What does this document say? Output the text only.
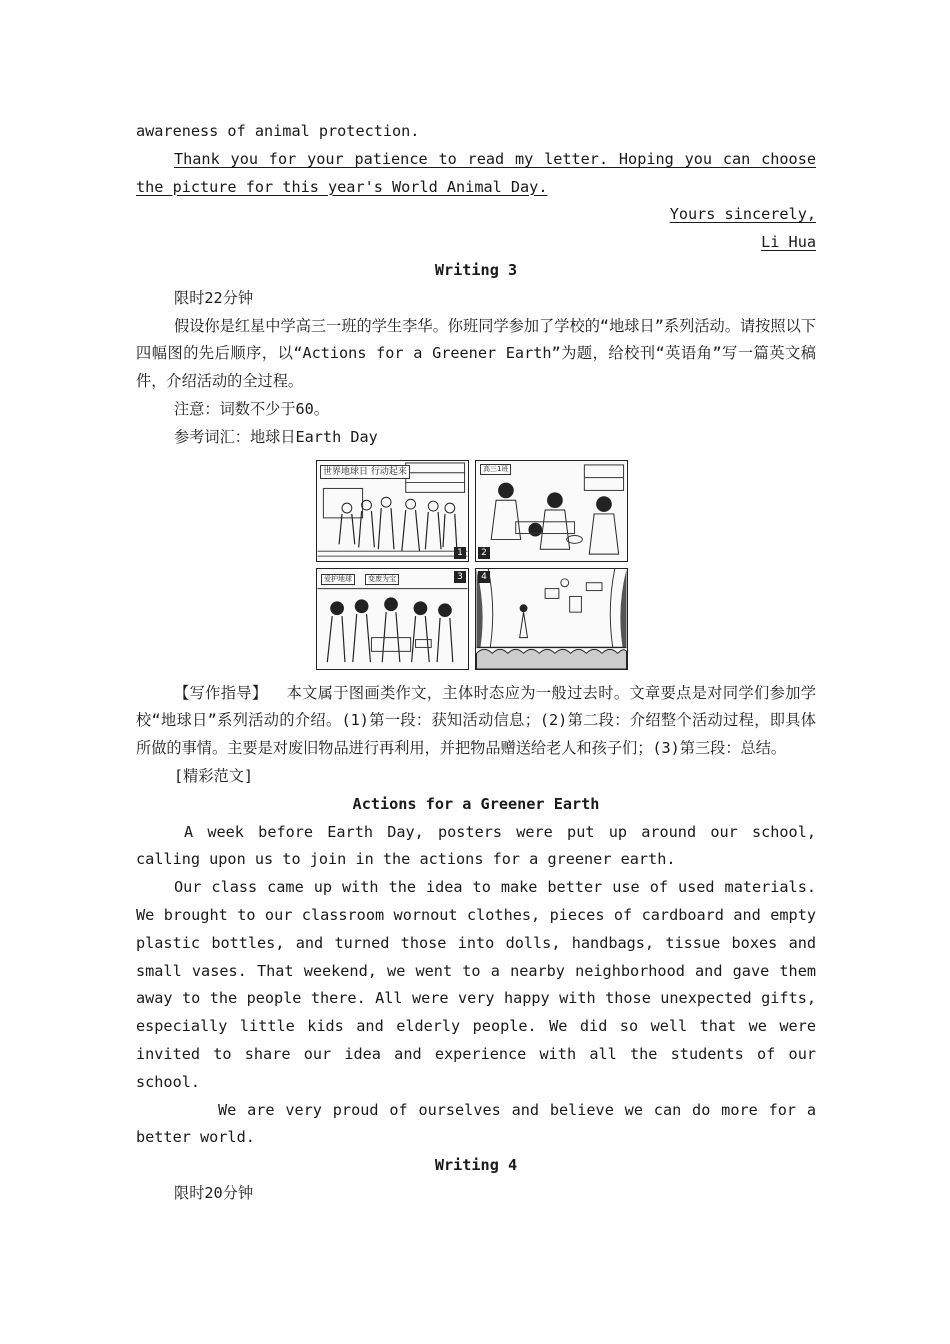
awareness of animal protection.

Thank you for your patience to read my letter. Hoping you can choose the picture for this year's World Animal Day.

Yours sincerely,

Li Hua

Writing 3

限时22分钟

假设你是红星中学高三一班的学生李华。你班同学参加了学校的“地球日”系列活动。请按照以下四幅图的先后顺序，以“Actions for a Greener Earth”为题，给校刊“英语角”写一篇英文稿件，介绍活动的全过程。

注意：词数不少于60。

参考词汇：地球日Earth Day

世界地球日 行动起来
1
高三1班
2
爱护地球	变废为宝	3	4

【写作指导】 本文属于图画类作文，主体时态应为一般过去时。文章要点是对同学们参加学校“地球日”系列活动的介绍。(1)第一段：获知活动信息；(2)第二段：介绍整个活动过程，即具体所做的事情。主要是对废旧物品进行再利用，并把物品赠送给老人和孩子们；(3)第三段：总结。

[精彩范文]

Actions for a Greener Earth

A week before Earth Day, posters were put up around our school, calling upon us to join in the actions for a greener earth.

Our class came up with the idea to make better use of used materials. We brought to our classroom wornout clothes, pieces of cardboard and empty plastic bottles, and turned those into dolls, handbags, tissue boxes and small vases. That weekend, we went to a nearby neighborhood and gave them away to the people there. All were very happy with those unexpected gifts, especially little kids and elderly people. We did so well that we were invited to share our idea and experience with all the students of our school.

We are very proud of ourselves and believe we can do more for a better world.

Writing 4

限时20分钟
